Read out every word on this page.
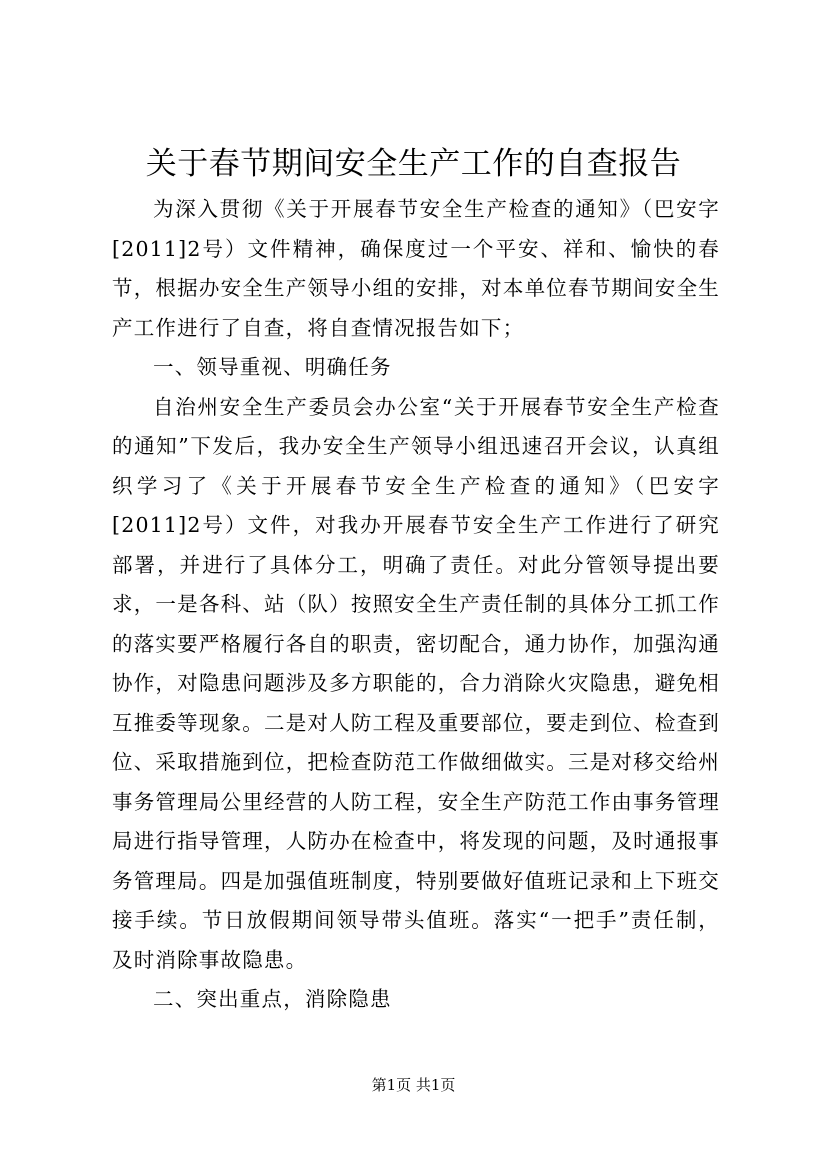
关于春节期间安全生产工作的自查报告

为深入贯彻《关于开展春节安全生产检查的通知》（巴安字[2011]2号）文件精神，确保度过一个平安、祥和、愉快的春节，根据办安全生产领导小组的安排，对本单位春节期间安全生产工作进行了自查，将自查情况报告如下；

一、领导重视、明确任务

自治州安全生产委员会办公室“关于开展春节安全生产检查的通知”下发后，我办安全生产领导小组迅速召开会议，认真组织学习了《关于开展春节安全生产检查的通知》（巴安字[2011]2号）文件，对我办开展春节安全生产工作进行了研究部署，并进行了具体分工，明确了责任。对此分管领导提出要求，一是各科、站（队）按照安全生产责任制的具体分工抓工作的落实要严格履行各自的职责，密切配合，通力协作，加强沟通协作，对隐患问题涉及多方职能的，合力消除火灾隐患，避免相互推委等现象。二是对人防工程及重要部位，要走到位、检查到位、采取措施到位，把检查防范工作做细做实。三是对移交给州事务管理局公里经营的人防工程，安全生产防范工作由事务管理局进行指导管理，人防办在检查中，将发现的问题，及时通报事务管理局。四是加强值班制度，特别要做好值班记录和上下班交接手续。节日放假期间领导带头值班。落实“一把手”责任制，及时消除事故隐患。

二、突出重点，消除隐患

第1页 共1页
